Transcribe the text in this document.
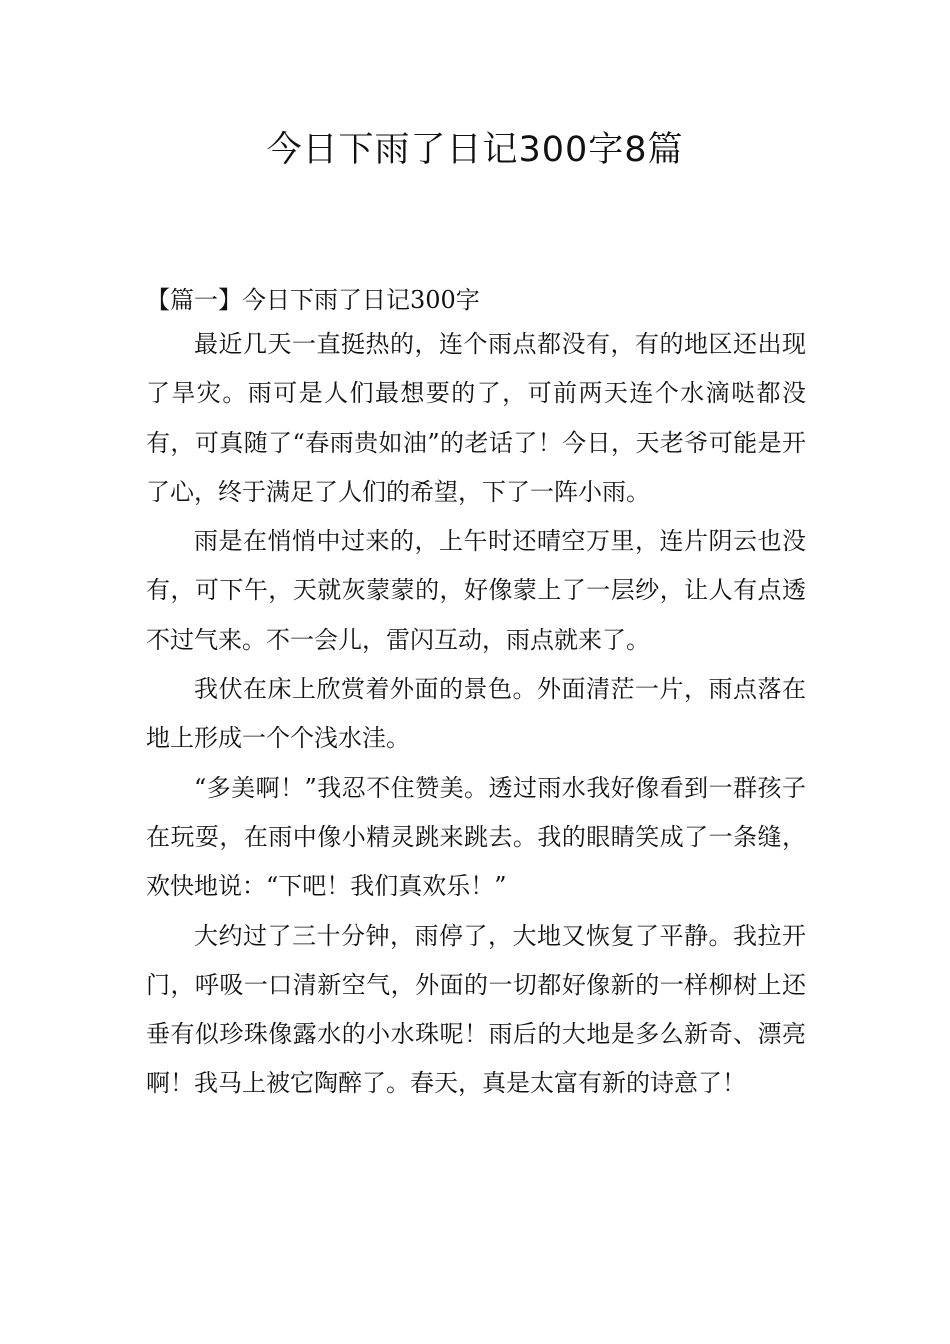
今日下雨了日记300字8篇
【篇一】今日下雨了日记300字

最近几天一直挺热的，连个雨点都没有，有的地区还出现了旱灾。雨可是人们最想要的了，可前两天连个水滴哒都没有，可真随了“春雨贵如油”的老话了！今日，天老爷可能是开了心，终于满足了人们的希望，下了一阵小雨。

雨是在悄悄中过来的，上午时还晴空万里，连片阴云也没有，可下午，天就灰蒙蒙的，好像蒙上了一层纱，让人有点透不过气来。不一会儿，雷闪互动，雨点就来了。

我伏在床上欣赏着外面的景色。外面清茫一片，雨点落在地上形成一个个浅水洼。

“多美啊！”我忍不住赞美。透过雨水我好像看到一群孩子在玩耍，在雨中像小精灵跳来跳去。我的眼睛笑成了一条缝，欢快地说：“下吧！我们真欢乐！”

大约过了三十分钟，雨停了，大地又恢复了平静。我拉开门，呼吸一口清新空气，外面的一切都好像新的一样柳树上还垂有似珍珠像露水的小水珠呢！雨后的大地是多么新奇、漂亮啊！我马上被它陶醉了。春天，真是太富有新的诗意了！
